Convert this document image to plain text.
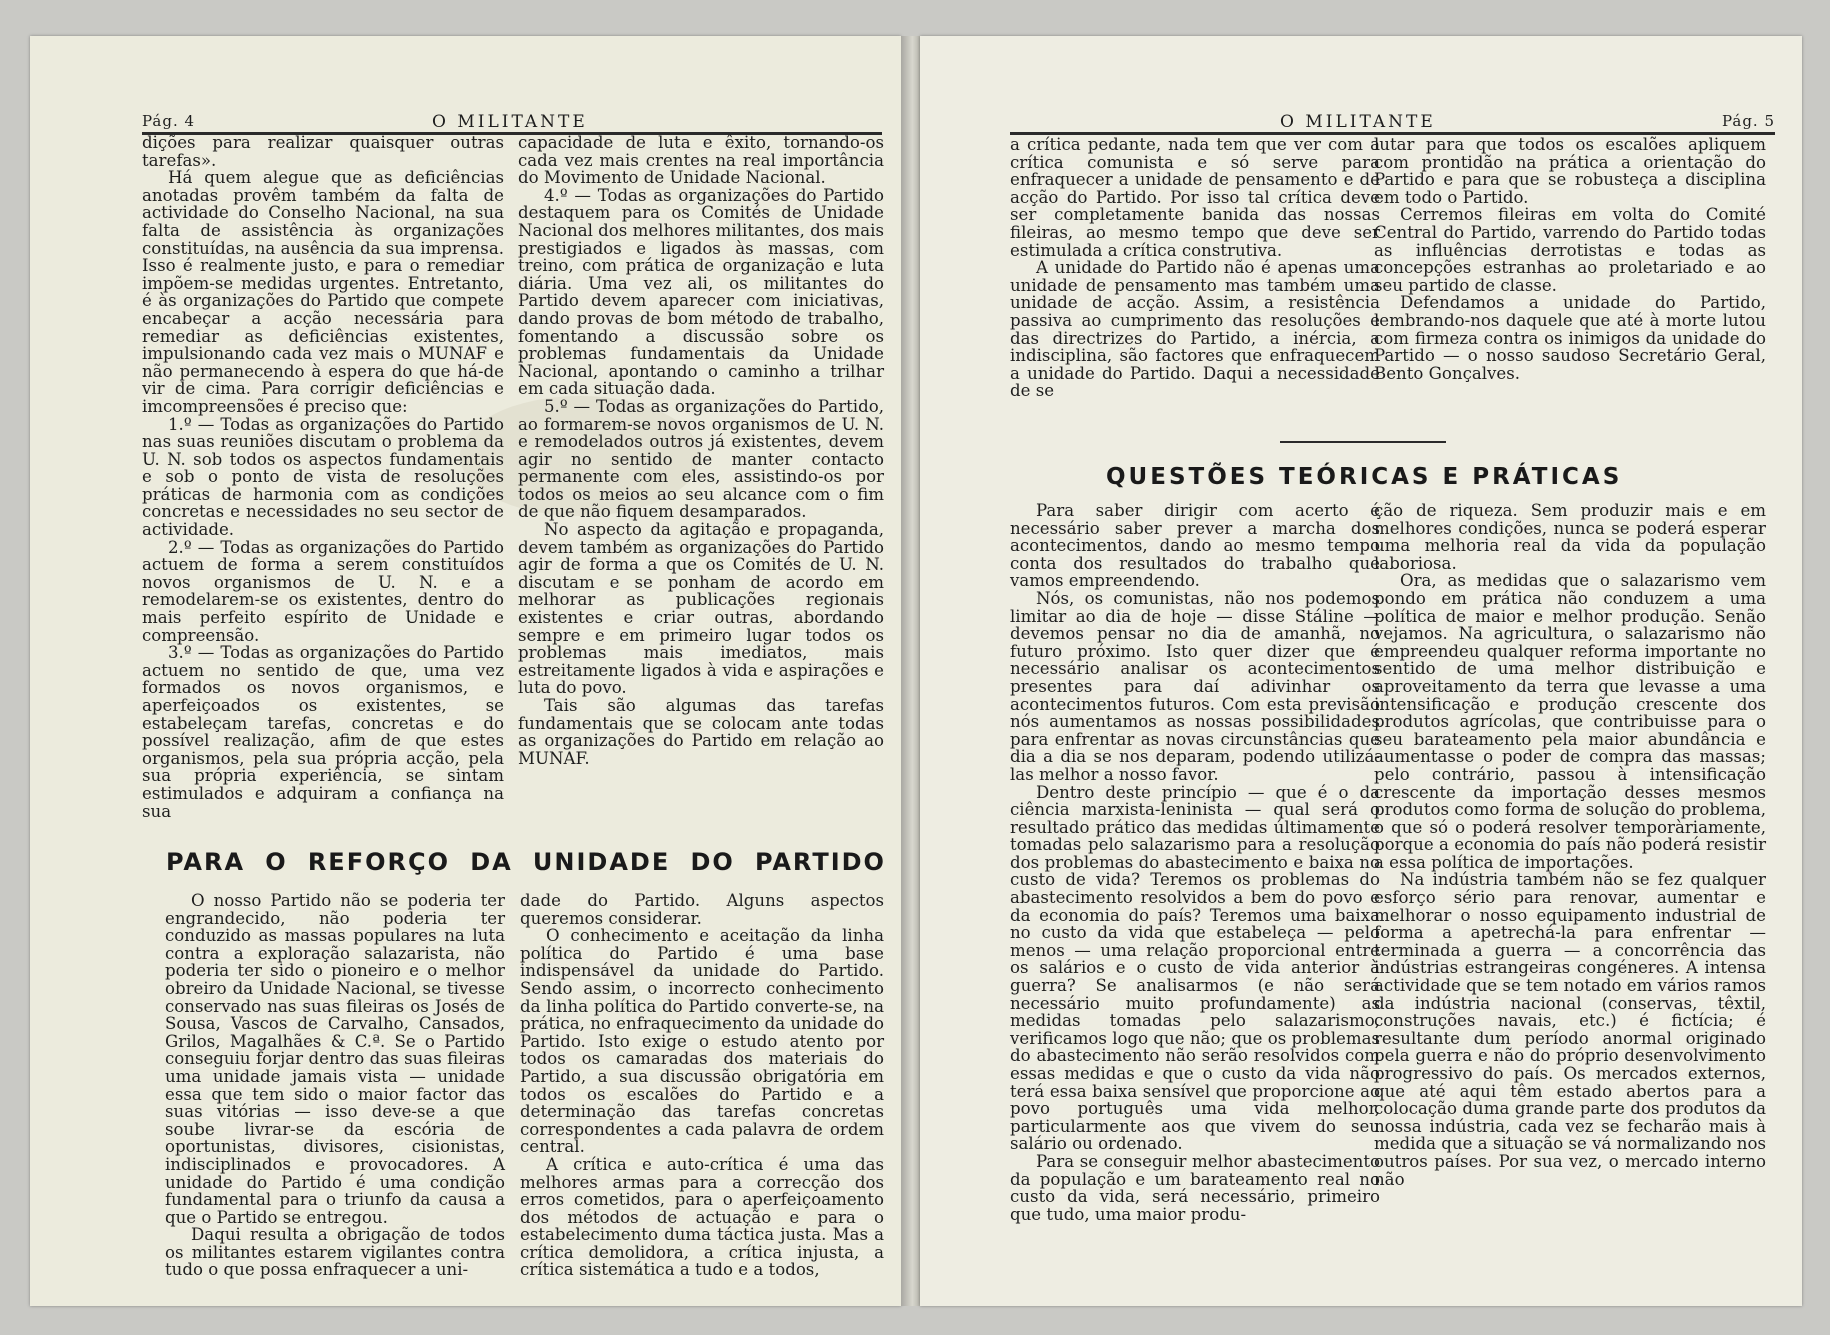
Pág. 4	O MILITANTE

dições para realizar quaisquer outras tarefas».

Há quem alegue que as deficiências anotadas provêm também da falta de actividade do Conselho Nacional, na sua falta de assistência às organizações constituídas, na ausência da sua imprensa. Isso é realmente justo, e para o remediar impõem-se medidas urgentes. Entretanto, é às organizações do Partido que compete encabeçar a acção necessária para remediar as deficiências existentes, impulsionando cada vez mais o MUNAF e não permanecendo à espera do que há-de vir de cima. Para corrigir deficiências e imcompreensões é preciso que:

1.º — Todas as organizações do Partido nas suas reuniões discutam o problema da U. N. sob todos os aspectos fundamentais e sob o ponto de vista de resoluções práticas de harmonia com as condições concretas e necessidades no seu sector de actividade.

2.º — Todas as organizações do Partido actuem de forma a serem constituídos novos organismos de U. N. e a remodelarem-se os existentes, dentro do mais perfeito espírito de Unidade e compreensão.

3.º — Todas as organizações do Partido actuem no sentido de que, uma vez formados os novos organismos, e aperfeiçoados os existentes, se estabeleçam tarefas, concretas e do possível realização, afim de que estes organismos, pela sua própria acção, pela sua própria experiência, se sintam estimulados e adquiram a confiança na sua

capacidade de luta e êxito, tornando-os cada vez mais crentes na real importância do Movimento de Unidade Nacional.

4.º — Todas as organizações do Partido destaquem para os Comités de Unidade Nacional dos melhores militantes, dos mais prestigiados e ligados às massas, com treino, com prática de organização e luta diária. Uma vez ali, os militantes do Partido devem aparecer com iniciativas, dando provas de bom método de trabalho, fomentando a discussão sobre os problemas fundamentais da Unidade Nacional, apontando o caminho a trilhar em cada situação dada.

5.º — Todas as organizações do Partido, ao formarem-se novos organismos de U. N. e remodelados outros já existentes, devem agir no sentido de manter contacto permanente com eles, assistindo-os por todos os meios ao seu alcance com o fim de que não fiquem desamparados.

No aspecto da agitação e propaganda, devem também as organizações do Partido agir de forma a que os Comités de U. N. discutam e se ponham de acordo em melhorar as publicações regionais existentes e criar outras, abordando sempre e em primeiro lugar todos os problemas mais imediatos, mais estreitamente ligados à vida e aspirações e luta do povo.

Tais são algumas das tarefas fundamentais que se colocam ante todas as organizações do Partido em relação ao MUNAF.

PARA O REFORÇO DA UNIDADE DO PARTIDO

O nosso Partido não se poderia ter engrandecido, não poderia ter conduzido as massas populares na luta contra a exploração salazarista, não poderia ter sido o pioneiro e o melhor obreiro da Unidade Nacional, se tivesse conservado nas suas fileiras os Josés de Sousa, Vascos de Carvalho, Cansados, Grilos, Magalhães & C.ª. Se o Partido conseguiu forjar dentro das suas fileiras uma unidade jamais vista — unidade essa que tem sido o maior factor das suas vitórias — isso deve-se a que soube livrar-se da escória de oportunistas, divisores, cisionistas, indisciplinados e provocadores. A unidade do Partido é uma condição fundamental para o triunfo da causa a que o Partido se entregou.

Daqui resulta a obrigação de todos os militantes estarem vigilantes contra tudo o que possa enfraquecer a uni-

dade do Partido. Alguns aspectos queremos considerar.

O conhecimento e aceitação da linha política do Partido é uma base indispensável da unidade do Partido. Sendo assim, o incorrecto conhecimento da linha política do Partido converte-se, na prática, no enfraquecimento da unidade do Partido. Isto exige o estudo atento por todos os camaradas dos materiais do Partido, a sua discussão obrigatória em todos os escalões do Partido e a determinação das tarefas concretas correspondentes a cada palavra de ordem central.

A crítica e auto-crítica é uma das melhores armas para a correcção dos erros cometidos, para o aperfeiçoamento dos métodos de actuação e para o estabelecimento duma táctica justa. Mas a crítica demolidora, a crítica injusta, a crítica sistemática a tudo e a todos,

O MILITANTE	Pág. 5

a crítica pedante, nada tem que ver com a crítica comunista e só serve para enfraquecer a unidade de pensamento e de acção do Partido. Por isso tal crítica deve ser completamente banida das nossas fileiras, ao mesmo tempo que deve ser estimulada a crítica construtiva.

A unidade do Partido não é apenas uma unidade de pensamento mas também uma unidade de acção. Assim, a resistência passiva ao cumprimento das resoluções e das directrizes do Partido, a inércia, a indisciplina, são factores que enfraquecem a unidade do Partido. Daqui a necessidade de se

lutar para que todos os escalões apliquem com prontidão na prática a orientação do Partido e para que se robusteça a disciplina em todo o Partido.

Cerremos fileiras em volta do Comité Central do Partido, varrendo do Partido todas as influências derrotistas e todas as concepções estranhas ao proletariado e ao seu partido de classe.

Defendamos a unidade do Partido, lembrando-nos daquele que até à morte lutou com firmeza contra os inimigos da unidade do Partido — o nosso saudoso Secretário Geral, Bento Gonçalves.

QUESTÕES TEÓRICAS E PRÁTICAS

Para saber dirigir com acerto é necessário saber prever a marcha dos acontecimentos, dando ao mesmo tempo conta dos resultados do trabalho que vamos empreendendo.

Nós, os comunistas, não nos podemos limitar ao dia de hoje — disse Stáline — devemos pensar no dia de amanhã, no futuro próximo. Isto quer dizer que é necessário analisar os acontecimentos presentes para daí adivinhar os acontecimentos futuros. Com esta previsão nós aumentamos as nossas possibilidades para enfrentar as novas circunstâncias que dia a dia se nos deparam, podendo utilizá-las melhor a nosso favor.

Dentro deste princípio — que é o da ciência marxista-leninista — qual será o resultado prático das medidas últimamente tomadas pelo salazarismo para a resolução dos problemas do abastecimento e baixa no custo de vida? Teremos os problemas do abastecimento resolvidos a bem do povo e da economia do país? Teremos uma baixa no custo da vida que estabeleça — pelo menos — uma relação proporcional entre os salários e o custo de vida anterior à guerra? Se analisarmos (e não será necessário muito profundamente) as medidas tomadas pelo salazarismo, verificamos logo que não; que os problemas do abastecimento não serão resolvidos com essas medidas e que o custo da vida não terá essa baixa sensível que proporcione ao povo português uma vida melhor, particularmente aos que vivem do seu salário ou ordenado.

Para se conseguir melhor abastecimento da população e um barateamento real no custo da vida, será necessário, primeiro que tudo, uma maior produ-

ção de riqueza. Sem produzir mais e em melhores condições, nunca se poderá esperar uma melhoria real da vida da população laboriosa.

Ora, as medidas que o salazarismo vem pondo em prática não conduzem a uma política de maior e melhor produção. Senão vejamos. Na agricultura, o salazarismo não empreendeu qualquer reforma importante no sentido de uma melhor distribuição e aproveitamento da terra que levasse a uma intensificação e produção crescente dos produtos agrícolas, que contribuisse para o seu barateamento pela maior abundância e aumentasse o poder de compra das massas; pelo contrário, passou à intensificação crescente da importação desses mesmos produtos como forma de solução do problema, o que só o poderá resolver temporàriamente, porque a economia do país não poderá resistir a essa política de importações.

Na indústria também não se fez qualquer esforço sério para renovar, aumentar e melhorar o nosso equipamento industrial de forma a apetrechá-la para enfrentar — terminada a guerra — a concorrência das indústrias estrangeiras congéneres. A intensa actividade que se tem notado em vários ramos da indústria nacional (conservas, têxtil, construções navais, etc.) é fictícia; é resultante dum período anormal originado pela guerra e não do próprio desenvolvimento progressivo do país. Os mercados externos, que até aqui têm estado abertos para a colocação duma grande parte dos produtos da nossa indústria, cada vez se fecharão mais à medida que a situação se vá normalizando nos outros países. Por sua vez, o mercado interno não
